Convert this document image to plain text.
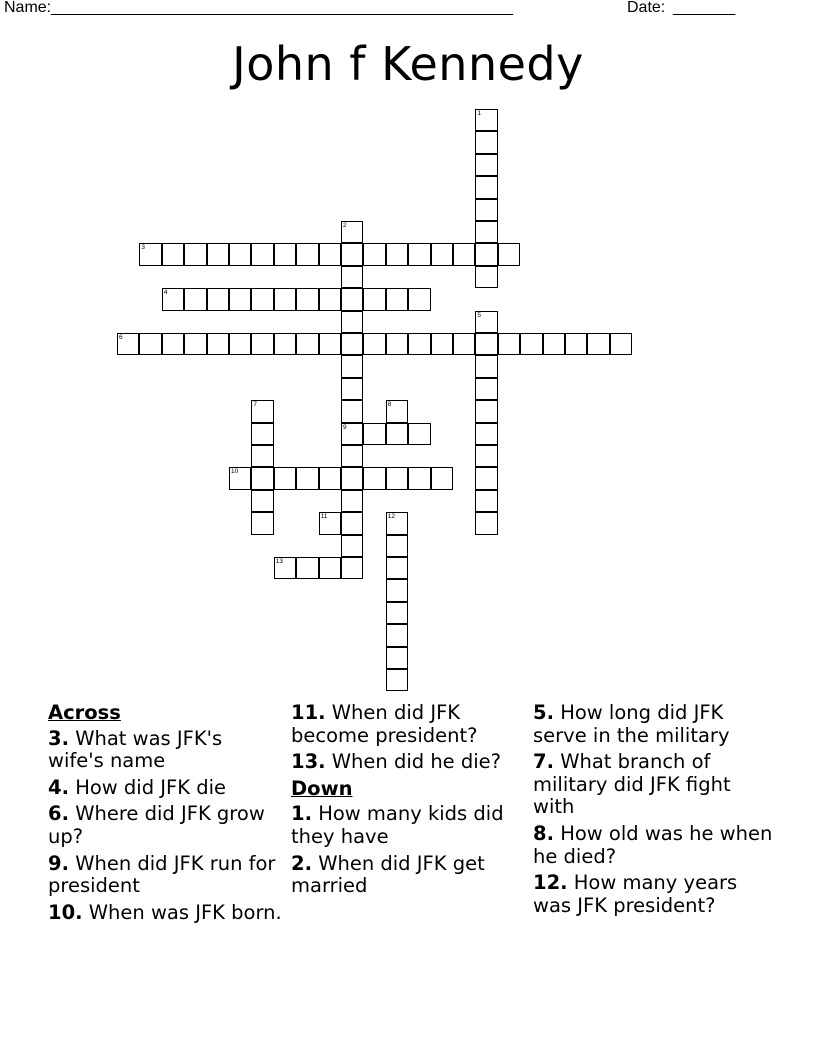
Name: ______________________________________________________	Date: _______
John f Kennedy
1
2
9
3
4
5
6
7	8
10
11	12
13
Across
3. What was JFK's wife's name
4. How did JFK die
6. Where did JFK grow up?
9. When did JFK run for president
10. When was JFK born.
11. When did JFK become president?
13. When did he die?
Down
1. How many kids did they have
2. When did JFK get married
5. How long did JFK serve in the military
7. What branch of military did JFK fight with
8. How old was he when he died?
12. How many years was JFK president?
